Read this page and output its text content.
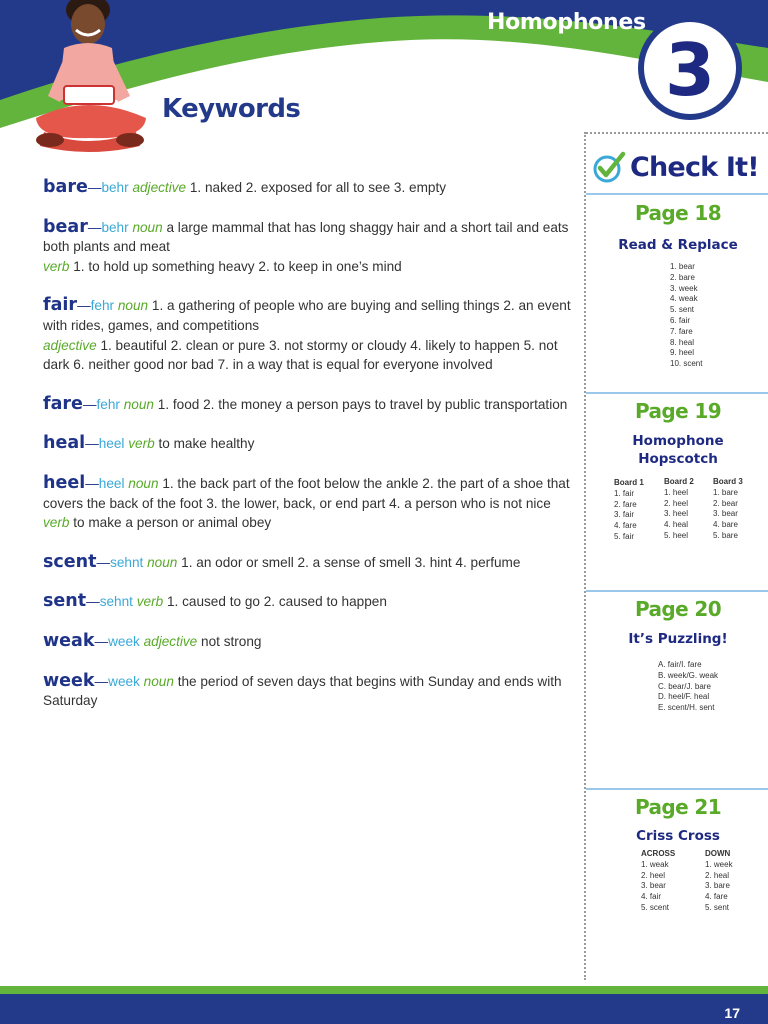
Homophones
3
Keywords
bare—behr adjective 1. naked 2. exposed for all to see 3. empty
bear—behr noun a large mammal that has long shaggy hair and a short tail and eats both plants and meat
verb 1. to hold up something heavy 2. to keep in one’s mind
fair—fehr noun 1. a gathering of people who are buying and selling things 2. an event with rides, games, and competitions
adjective 1. beautiful 2. clean or pure 3. not stormy or cloudy 4. likely to happen 5. not dark 6. neither good nor bad 7. in a way that is equal for everyone involved
fare—fehr noun 1. food 2. the money a person pays to travel by public transportation
heal—heel verb to make healthy
heel—heel noun 1. the back part of the foot below the ankle 2. the part of a shoe that covers the back of the foot 3. the lower, back, or end part 4. a person who is not nice
verb to make a person or animal obey
scent—sehnt noun 1. an odor or smell 2. a sense of smell 3. hint 4. perfume
sent—sehnt verb 1. caused to go 2. caused to happen
weak—week adjective not strong
week—week noun the period of seven days that begins with Sunday and ends with Saturday
Check It!
Page 18
Read & Replace
1. bear
2. bare
3. week
4. weak
5. sent
6. fair
7. fare
8. heal
9. heel
10. scent
Page 19
Homophone
Hopscotch
Board 1
1. fair
2. fare
3. fair
4. fare
5. fair
Board 2
1. heel
2. heel
3. heel
4. heal
5. heel
Board 3
1. bare
2. bear
3. bear
4. bare
5. bare
Page 20
It’s Puzzling!
A. fair/I. fare
B. week/G. weak
C. bear/J. bare
D. heel/F. heal
E. scent/H. sent
Page 21
Criss Cross
ACROSS
1. weak
2. heel
3. bear
4. fair
5. scent
DOWN
1. week
2. heal
3. bare
4. fare
5. sent
17
